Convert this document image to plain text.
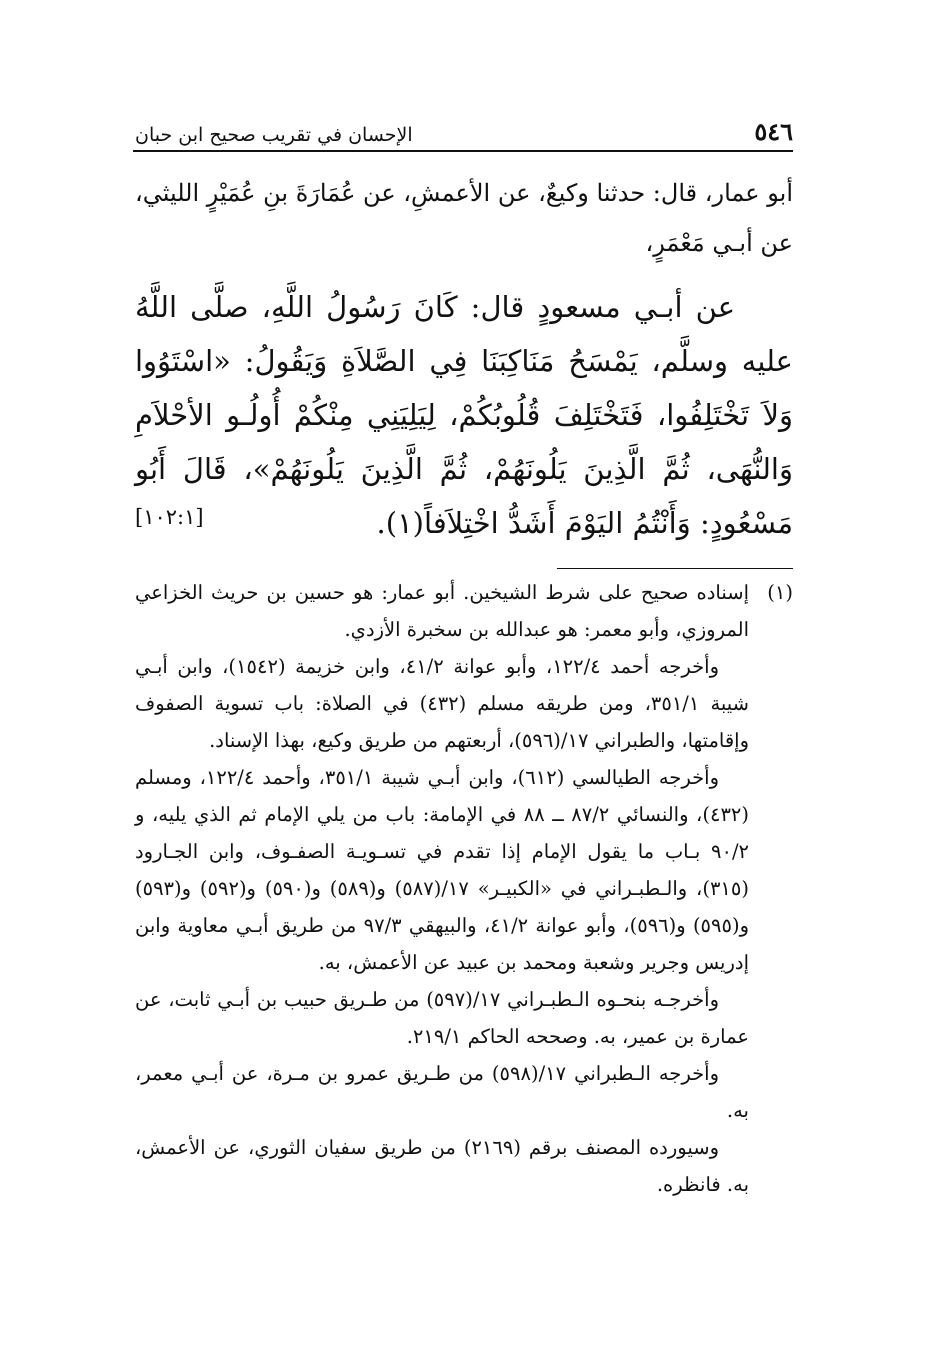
٥٤٦
الإحسان في تقريب صحيح ابن حبان

أبو عمار، قال: حدثنا وكيعٌ، عن الأعمشِ، عن عُمَارَةَ بنِ عُمَيْرٍ الليثي، عن أبـي مَعْمَرٍ،

عن أبـي مسعودٍ قال: كَانَ رَسُولُ اللَّهِ، صلَّى اللَّهُ عليه وسلَّم، يَمْسَحُ مَنَاكِبَنَا فِي الصَّلاَةِ وَيَقُولُ: «اسْتَوُوا وَلاَ تَخْتَلِفُوا، فَتَخْتَلِفَ قُلُوبُكُمْ، لِيَلِيَنِي مِنْكُمْ أُولُـو الأحْلاَمِ وَالنُّهَى، ثُمَّ الَّذِينَ يَلُونَهُمْ، ثُمَّ الَّذِينَ يَلُونَهُمْ»، قَالَ أَبُو مَسْعُودٍ: وَأَنْتُمُ اليَوْمَ أَشَدُّ اخْتِلاَفاً(١).

[١٠٢:١]
(١)

إسناده صحيح على شرط الشيخين. أبو عمار: هو حسين بن حريث الخزاعي المروزي، وأبو معمر: هو عبدالله بن سخبرة الأزدي.

وأخرجه أحمد ١٢٢/٤، وأبو عوانة ٤١/٢، وابن خزيمة (١٥٤٢)، وابن أبـي شيبة ٣٥١/١، ومن طريقه مسلم (٤٣٢) في الصلاة: باب تسوية الصفوف وإقامتها، والطبراني ١٧/(٥٩٦)، أربعتهم من طريق وكيع، بهذا الإسناد.

وأخرجه الطيالسي (٦١٢)، وابن أبـي شيبة ٣٥١/١، وأحمد ١٢٢/٤، ومسلم (٤٣٢)، والنسائي ٨٧/٢ ــ ٨٨ في الإمامة: باب من يلي الإمام ثم الذي يليه، و ٩٠/٢ بـاب ما يقول الإمام إذا تقدم في تسـويـة الصفـوف، وابن الجـارود (٣١٥)، والـطبـراني في «الكبيـر» ١٧/(٥٨٧) و(٥٨٩) و(٥٩٠) و(٥٩٢) و(٥٩٣) و(٥٩٥) و(٥٩٦)، وأبو عوانة ٤١/٢، والبيهقي ٩٧/٣ من طريق أبـي معاوية وابن إدريس وجرير وشعبة ومحمد بن عبيد عن الأعمش، به.

وأخرجـه بنحـوه الـطبـراني ١٧/(٥٩٧) من طـريق حبيب بن أبـي ثابت، عن عمارة بن عمير، به. وصححه الحاكم ٢١٩/١.

وأخرجه الـطبراني ١٧/(٥٩٨) من طـريق عمرو بن مـرة، عن أبـي معمر، به.

وسيورده المصنف برقم (٢١٦٩) من طريق سفيان الثوري، عن الأعمش، به. فانظره.
